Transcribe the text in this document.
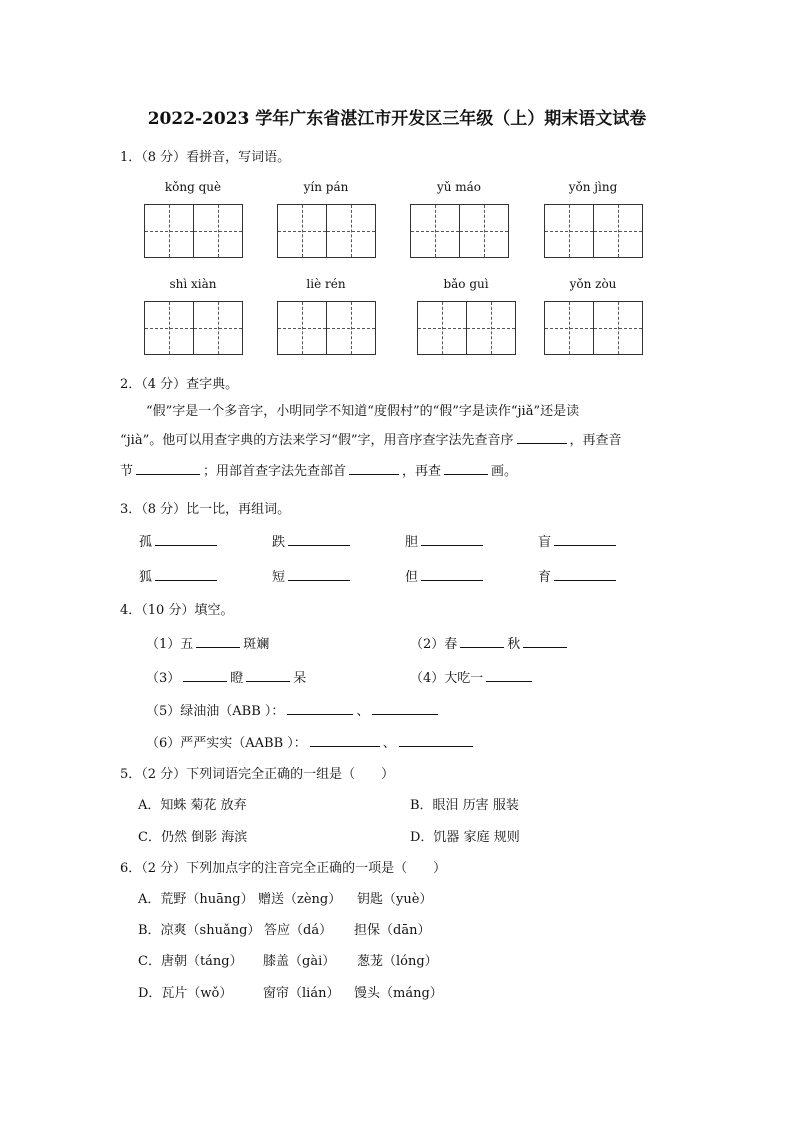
2022-2023 学年广东省湛江市开发区三年级（上）期末语文试卷
1．（8 分）看拼音，写词语。
kǒng què	yín pán	yǔ máo	yǒn jìng
shì xiàn	liè rén	bǎo guì	yǒn zòu
2．（4 分）查字典。
“假”字是一个多音字，小明同学不知道“度假村”的“假”字是读作“jiǎ”还是读
“jià”。他可以用查字典的方法来学习“假”字，用音序查字法先查音序	，再查音
节	；用部首查字法先查部首	，再查	画。
3．（8 分）比一比，再组词。
孤	跌	胆	盲
狐	短	但	育
4．（10 分）填空。
（1）五	斑斓	（2）春	秋
（3）	瞪	呆	（4）大吃一
（5）绿油油（ABB ）：	、
（6）严严实实（AABB ）：	、
5．（2 分）下列词语完全正确的一组是（　　）
A．知蛛 菊花 放弃	B．眼泪 历害 服装
C．仍然 倒影 海滨	D．饥器 家庭 规则
6．（2 分）下列加点字的注音完全正确的一项是（　　）
A．荒野（huāng） 赠送（zèng） 钥匙（yuè）
B．凉爽（shuǎng） 答应（dá） 担保（dān）
C．唐朝（táng） 膝盖（gài） 葱茏（lóng）
D．瓦片（wǒ） 窗帘（lián） 馒头（máng）
